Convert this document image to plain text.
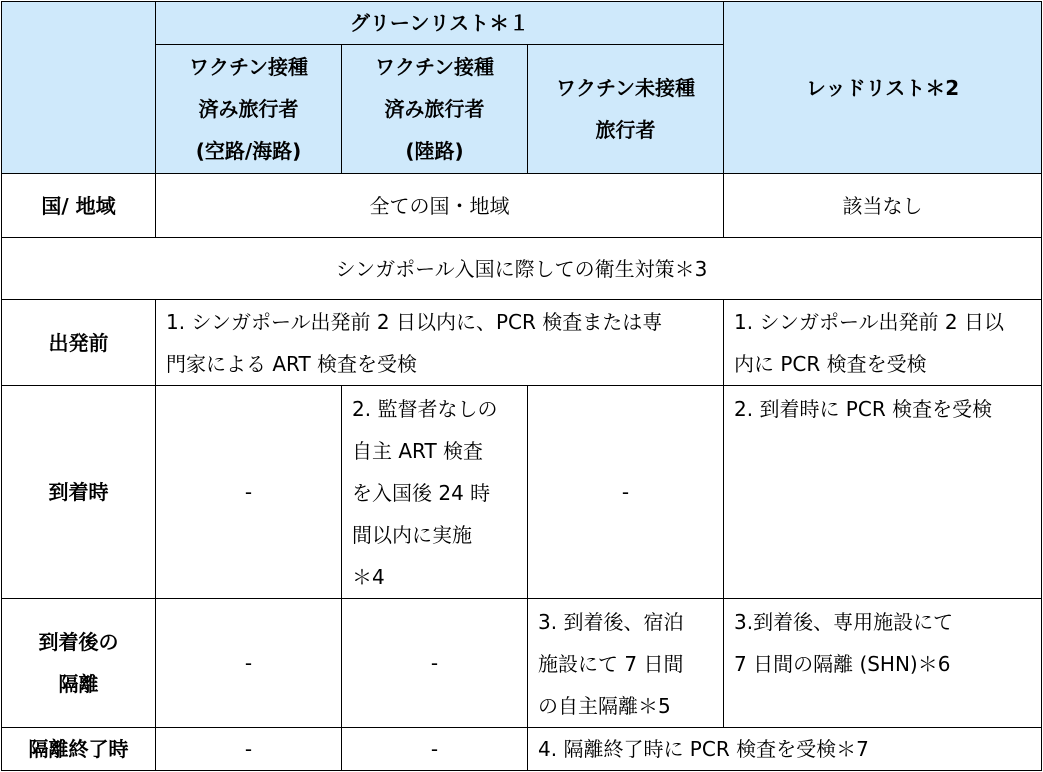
	グリーンリスト＊１			レッドリスト＊2

	ワクチン接種
済み旅行者
(空路/海路)	ワクチン接種
済み旅行者
(陸路)	ワクチン未接種
旅行者	

国/ 地域	全ての国・地域			該当なし
シンガポール入国に際しての衛生対策＊3				
出発前	1. シンガポール出発前 2 日以内に、PCR 検査または専
門家による ART 検査を受検			1. シンガポール出発前 2 日以
内に PCR 検査を受検

到着時	-	2. 監督者なしの
自主 ART 検査
を入国後 24 時
間以内に実施
＊4	-	2. 到着時に PCR 検査を受検

到着後の
隔離	-	-	3. 到着後、宿泊
施設にて 7 日間
の自主隔離＊5	3.到着後、専用施設にて
7 日間の隔離 (SHN)＊6

隔離終了時	-	-	4. 隔離終了時に PCR 検査を受検＊7	
